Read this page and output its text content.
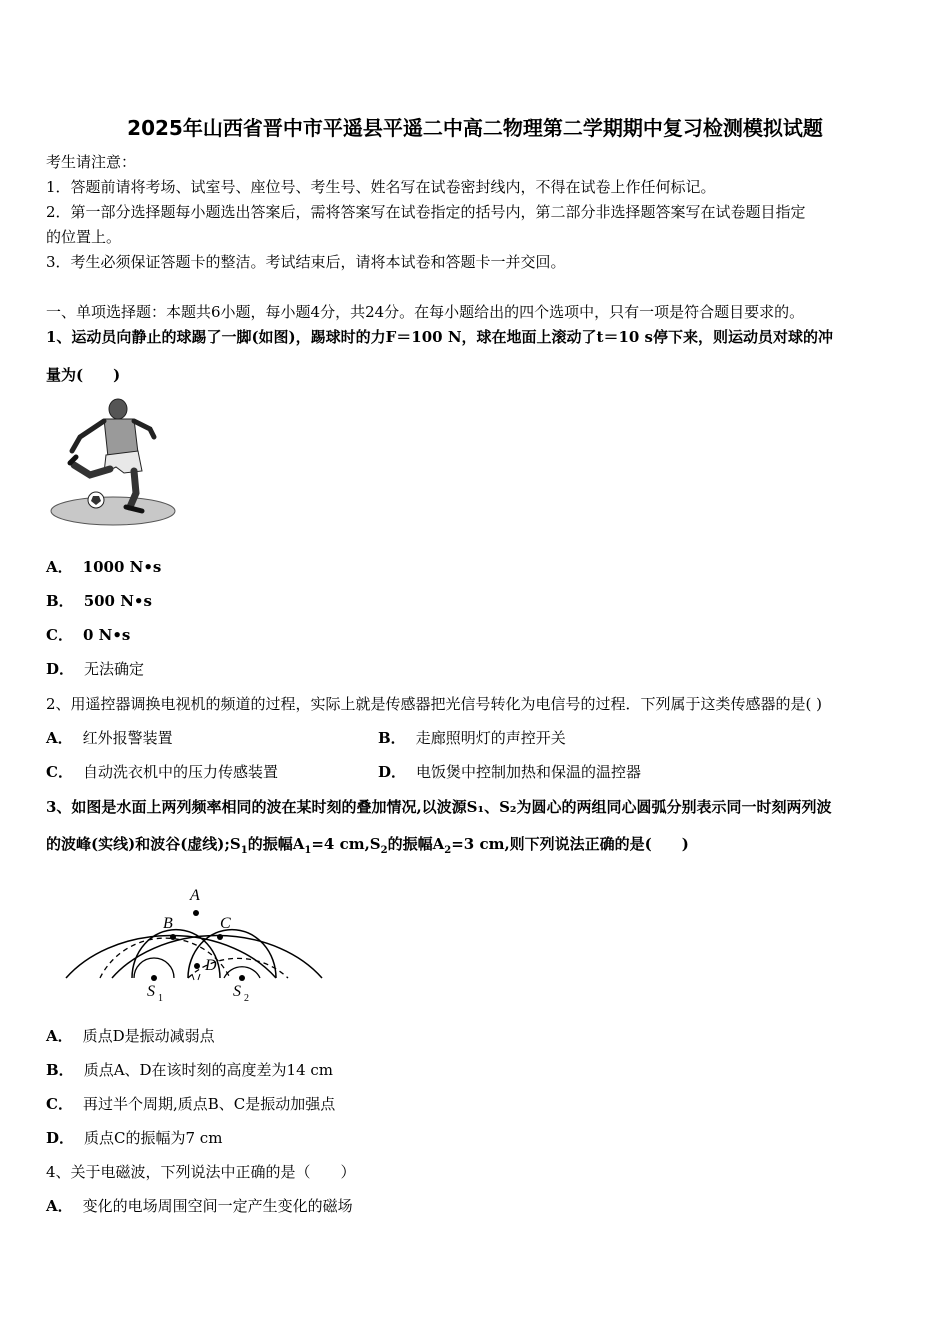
2025年山西省晋中市平遥县平遥二中高二物理第二学期期中复习检测模拟试题
考生请注意：
1．答题前请将考场、试室号、座位号、考生号、姓名写在试卷密封线内，不得在试卷上作任何标记。
2．第一部分选择题每小题选出答案后，需将答案写在试卷指定的括号内，第二部分非选择题答案写在试卷题目指定
的位置上。
3．考生必须保证答题卡的整洁。考试结束后，请将本试卷和答题卡一并交回。
一、单项选择题：本题共6小题，每小题4分，共24分。在每小题给出的四个选项中，只有一项是符合题目要求的。
1、运动员向静止的球踢了一脚(如图)，踢球时的力F＝100 N，球在地面上滚动了t＝10 s停下来，则运动员对球的冲
量为(　　)
A． 1000 N•s
B． 500 N•s
C． 0 N•s
D． 无法确定
2、用遥控器调换电视机的频道的过程，实际上就是传感器把光信号转化为电信号的过程．下列属于这类传感器的是( )
A． 红外报警装置	B． 走廊照明灯的声控开关
C． 自动洗衣机中的压力传感装置	D． 电饭煲中控制加热和保温的温控器
3、如图是水面上两列频率相同的波在某时刻的叠加情况,以波源S₁、S₂为圆心的两组同心圆弧分别表示同一时刻两列波
的波峰(实线)和波谷(虚线)$;S_1$的振幅$A_1=4$ $cm,S_2$的振幅$A_2=3$ cm,则下列说法正确的是(　　)
A
B	C
D
S 1	S 2
A． 质点D是振动减弱点
B． 质点A、D在该时刻的高度差为14 cm
C． 再过半个周期,质点B、C是振动加强点
D． 质点C的振幅为7 cm
4、关于电磁波，下列说法中正确的是（　　）
A． 变化的电场周围空间一定产生变化的磁场
